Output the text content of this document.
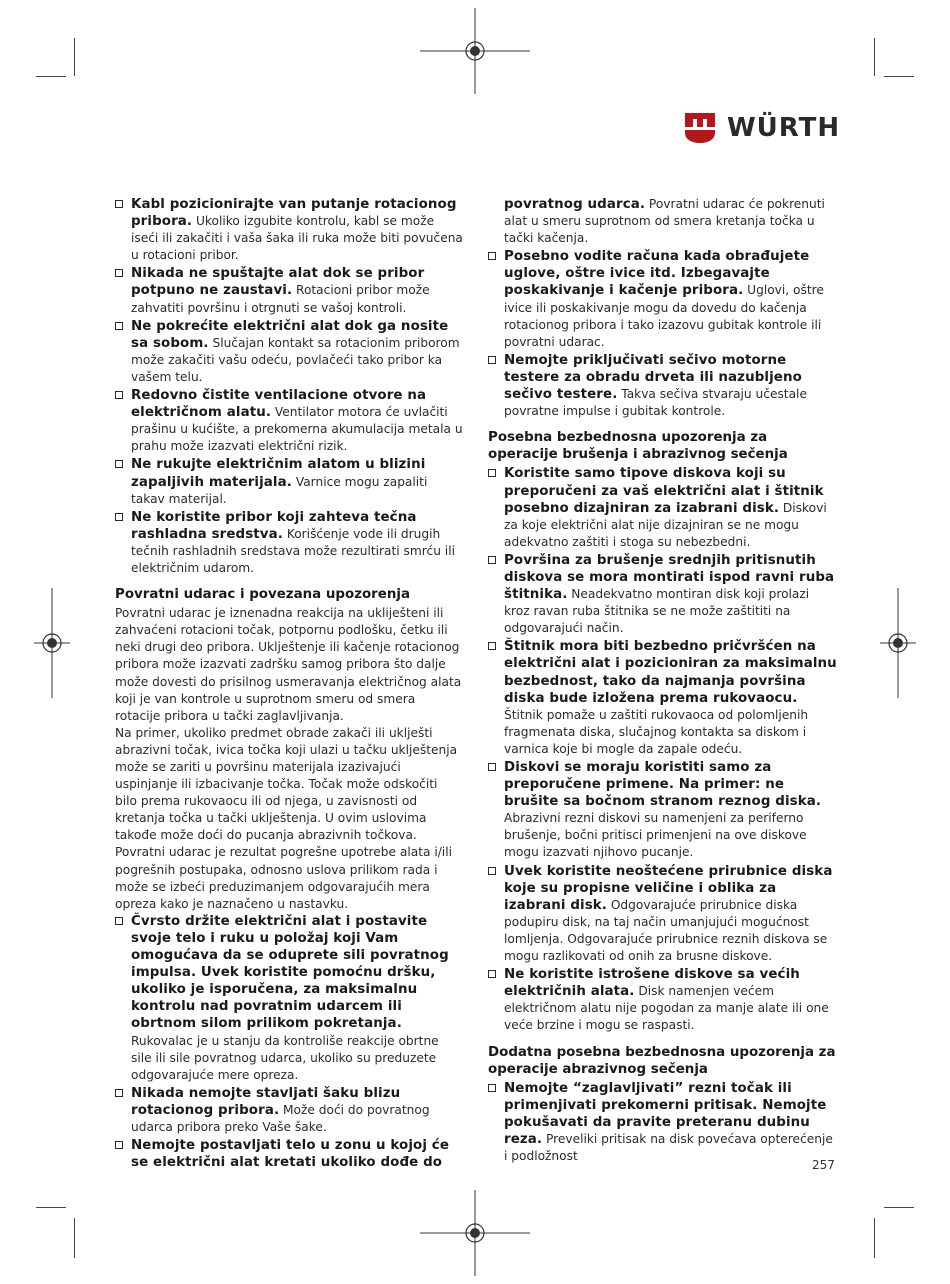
WÜRTH
Kabl pozicionirajte van putanje rotacionog pribora. Ukoliko izgubite kontrolu, kabl se može iseći ili zakačiti i vaša šaka ili ruka može biti povučena u rotacioni pribor.
Nikada ne spuštajte alat dok se pribor potpuno ne zaustavi. Rotacioni pribor može zahvatiti površinu i otrgnuti se vašoj kontroli.
Ne pokrećite električni alat dok ga nosite sa sobom. Slučajan kontakt sa rotacionim priborom može zakačiti vašu odeću, povlačeći tako pribor ka vašem telu.
Redovno čistite ventilacione otvore na električnom alatu. Ventilator motora će uvlačiti prašinu u kućište, a prekomerna akumulacija metala u prahu može izazvati električni rizik.
Ne rukujte električnim alatom u blizini zapaljivih materijala. Varnice mogu zapaliti takav materijal.
Ne koristite pribor koji zahteva tečna rashladna sredstva. Korišćenje vode ili drugih tečnih rashladnih sredstava može rezultirati smrću ili električnim udarom.
Povratni udarac i povezana upozorenja

Povratni udarac je iznenadna reakcija na ukliješteni ili zahvaćeni rotacioni točak, potpornu podlošku, četku ili neki drugi deo pribora. Uklještenje ili kačenje rotacionog pribora može izazvati zadršku samog pribora što dalje može dovesti do prisilnog usmeravanja električnog alata koji je van kontrole u suprotnom smeru od smera rotacije pribora u tački zaglavljivanja.

Na primer, ukoliko predmet obrade zakači ili uklješti abrazivni točak, ivica točka koji ulazi u tačku uklještenja može se zariti u površinu materijala izazivajući uspinjanje ili izbacivanje točka. Točak može odskočiti bilo prema rukovaocu ili od njega, u zavisnosti od kretanja točka u tački uklještenja. U ovim uslovima takođe može doći do pucanja abrazivnih točkova. Povratni udarac je rezultat pogrešne upotrebe alata i/ili pogrešnih postupaka, odnosno uslova prilikom rada i može se izbeći preduzimanjem odgovarajućih mera opreza kako je naznačeno u nastavku.

Čvrsto držite električni alat i postavite svoje telo i ruku u položaj koji Vam omogućava da se oduprete sili povratnog impulsa. Uvek koristite pomoćnu dršku, ukoliko je isporučena, za maksimalnu kontrolu nad povratnim udarcem ili obrtnom silom prilikom pokretanja. Rukovalac je u stanju da kontroliše reakcije obrtne sile ili sile povratnog udarca, ukoliko su preduzete odgovarajuće mere opreza.
Nikada nemojte stavljati šaku blizu rotacionog pribora. Može doći do povratnog udarca pribora preko Vaše šake.
Nemojte postavljati telo u zonu u kojoj će se električni alat kretati ukoliko dođe do
povratnog udarca. Povratni udarac će pokrenuti alat u smeru suprotnom od smera kretanja točka u tački kačenja.
Posebno vodite računa kada obrađujete uglove, oštre ivice itd. Izbegavajte poskakivanje i kačenje pribora. Uglovi, oštre ivice ili poskakivanje mogu da dovedu do kačenja rotacionog pribora i tako izazovu gubitak kontrole ili povratni udarac.
Nemojte priključivati sečivo motorne testere za obradu drveta ili nazubljeno sečivo testere. Takva sečiva stvaraju učestale povratne impulse i gubitak kontrole.
Posebna bezbednosna upozorenja za operacije brušenja i abrazivnog sečenja
Koristite samo tipove diskova koji su preporučeni za vaš električni alat i štitnik posebno dizajniran za izabrani disk. Diskovi za koje električni alat nije dizajniran se ne mogu adekvatno zaštiti i stoga su nebezbedni.
Površina za brušenje srednjih pritisnutih diskova se mora montirati ispod ravni ruba štitnika. Neadekvatno montiran disk koji prolazi kroz ravan ruba štitnika se ne može zaštititi na odgovarajući način.
Štitnik mora biti bezbedno pričvršćen na električni alat i pozicioniran za maksimalnu bezbednost, tako da najmanja površina diska bude izložena prema rukovaocu. Štitnik pomaže u zaštiti rukovaoca od polomljenih fragmenata diska, slučajnog kontakta sa diskom i varnica koje bi mogle da zapale odeću.
Diskovi se moraju koristiti samo za preporučene primene. Na primer: ne brušite sa bočnom stranom reznog diska. Abrazivni rezni diskovi su namenjeni za periferno brušenje, bočni pritisci primenjeni na ove diskove mogu izazvati njihovo pucanje.
Uvek koristite neoštećene prirubnice diska koje su propisne veličine i oblika za izabrani disk. Odgovarajuće prirubnice diska podupiru disk, na taj način umanjujući mogućnost lomljenja. Odgovarajuće prirubnice reznih diskova se mogu razlikovati od onih za brusne diskove.
Ne koristite istrošene diskove sa većih električnih alata. Disk namenjen većem električnom alatu nije pogodan za manje alate ili one veće brzine i mogu se raspasti.
Dodatna posebna bezbednosna upozorenja za operacije abrazivnog sečenja
Nemojte “zaglavljivati” rezni točak ili primenjivati prekomerni pritisak. Nemojte pokušavati da pravite preteranu dubinu reza. Preveliki pritisak na disk povećava opterećenje i podložnost
257
